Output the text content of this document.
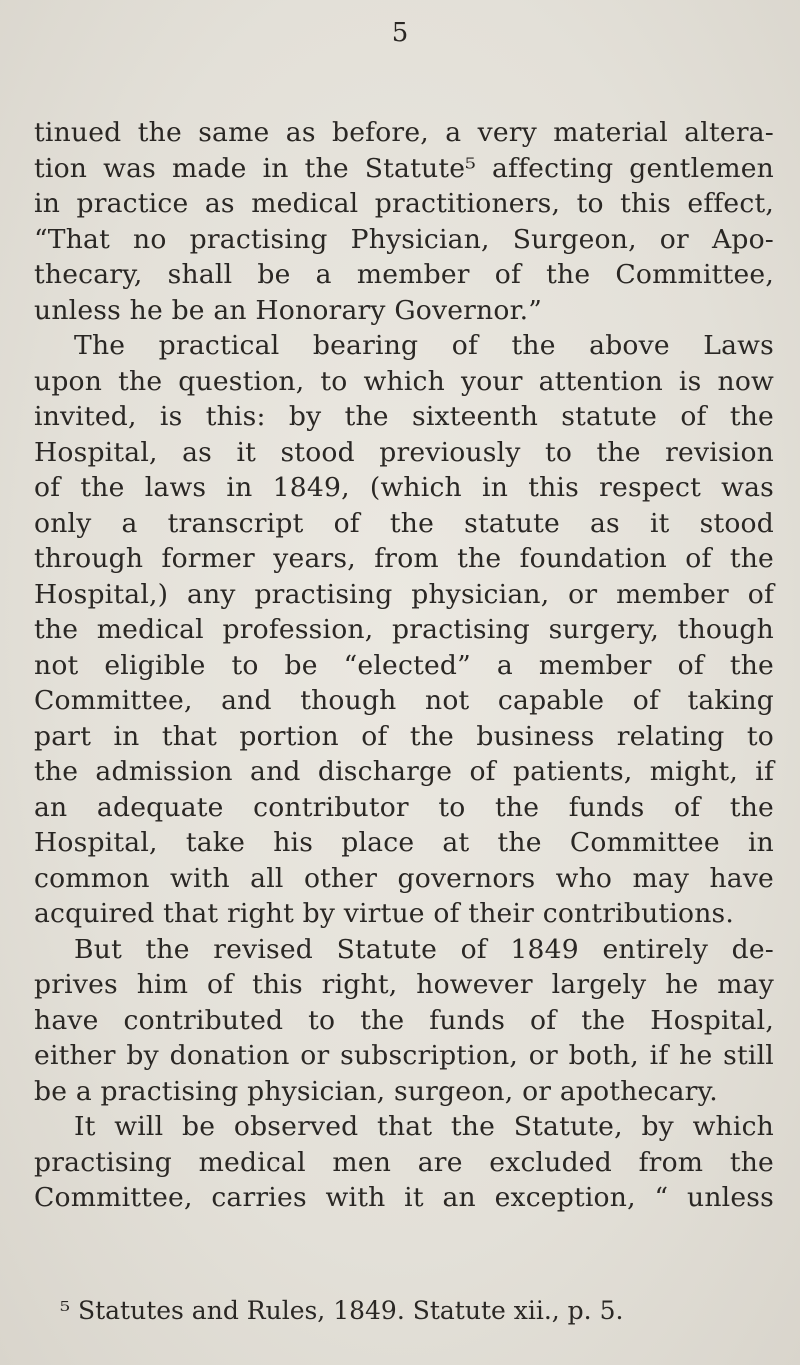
5
tinued the same as before, a very material altera-
tion was made in the Statute⁵ affecting gentlemen
in practice as medical practitioners, to this effect,
“That no practising Physician, Surgeon, or Apo-
thecary, shall be a member of the Committee,
unless he be an Honorary Governor.”
The practical bearing of the above Laws
upon the question, to which your attention is now
invited, is this: by the sixteenth statute of the
Hospital, as it stood previously to the revision
of the laws in 1849, (which in this respect was
only a transcript of the statute as it stood
through former years, from the foundation of the
Hospital,) any practising physician, or member of
the medical profession, practising surgery, though
not eligible to be “elected” a member of the
Committee, and though not capable of taking
part in that portion of the business relating to
the admission and discharge of patients, might, if
an adequate contributor to the funds of the
Hospital, take his place at the Committee in
common with all other governors who may have
acquired that right by virtue of their contributions.
But the revised Statute of 1849 entirely de-
prives him of this right, however largely he may
have contributed to the funds of the Hospital,
either by donation or subscription, or both, if he still
be a practising physician, surgeon, or apothecary.
It will be observed that the Statute, by which
practising medical men are excluded from the
Committee, carries with it an exception, “ unless
⁵ Statutes and Rules, 1849. Statute xii., p. 5.
